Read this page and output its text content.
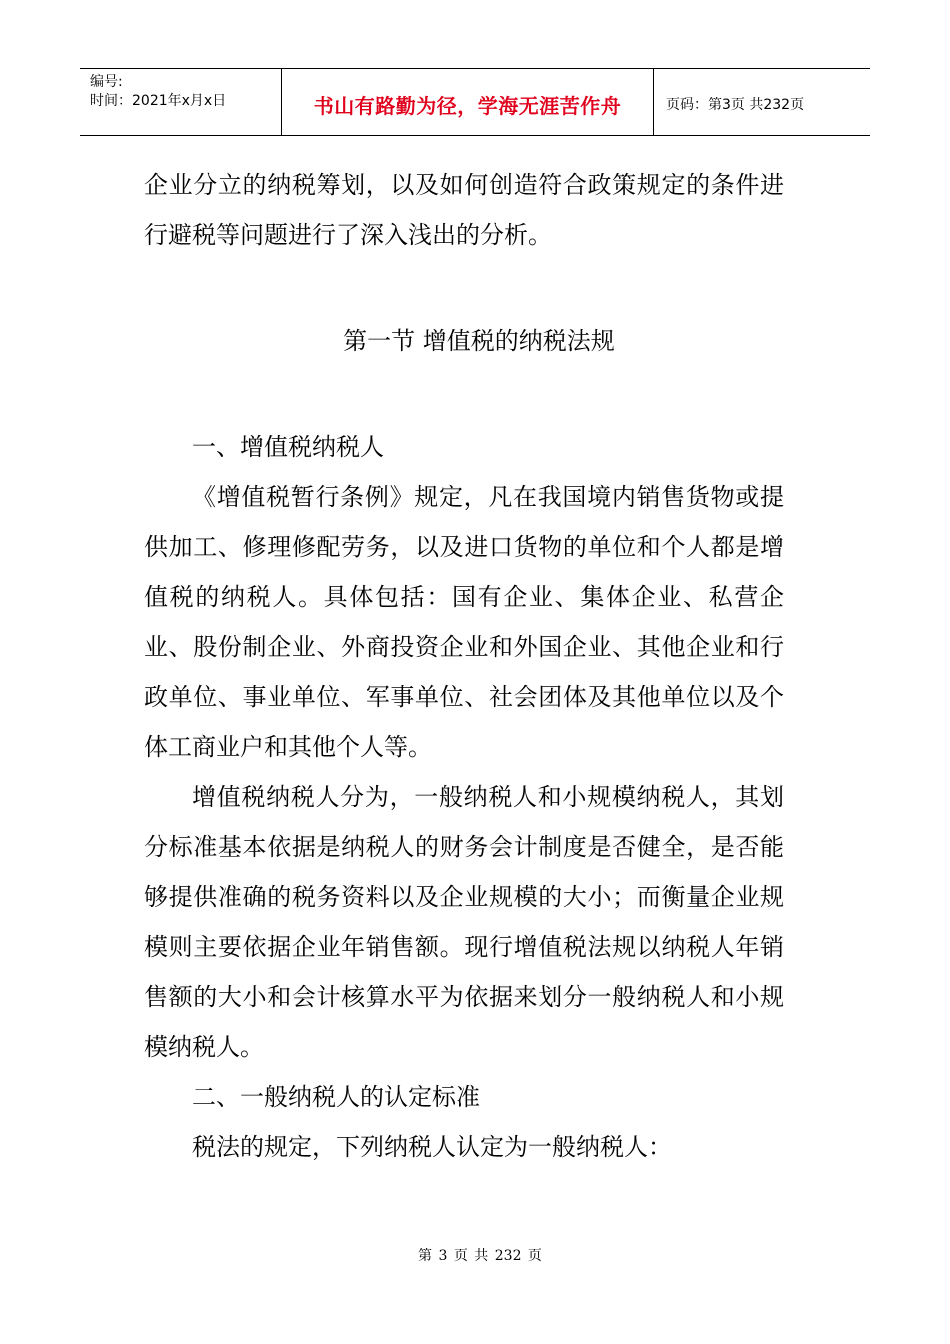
编号:
时间：2021年x月x日	书山有路勤为径，学海无涯苦作舟	页码：第3页 共232页

企业分立的纳税筹划，以及如何创造符合政策规定的条件进行避税等问题进行了深入浅出的分析。

第一节 增值税的纳税法规

一、增值税纳税人

《增值税暂行条例》规定，凡在我国境内销售货物或提供加工、修理修配劳务，以及进口货物的单位和个人都是增值税的纳税人。具体包括：国有企业、集体企业、私营企业、股份制企业、外商投资企业和外国企业、其他企业和行政单位、事业单位、军事单位、社会团体及其他单位以及个体工商业户和其他个人等。

增值税纳税人分为，一般纳税人和小规模纳税人，其划分标准基本依据是纳税人的财务会计制度是否健全，是否能够提供准确的税务资料以及企业规模的大小；而衡量企业规模则主要依据企业年销售额。现行增值税法规以纳税人年销售额的大小和会计核算水平为依据来划分一般纳税人和小规模纳税人。

二、一般纳税人的认定标准

税法的规定，下列纳税人认定为一般纳税人：

第 3 页 共 232 页
